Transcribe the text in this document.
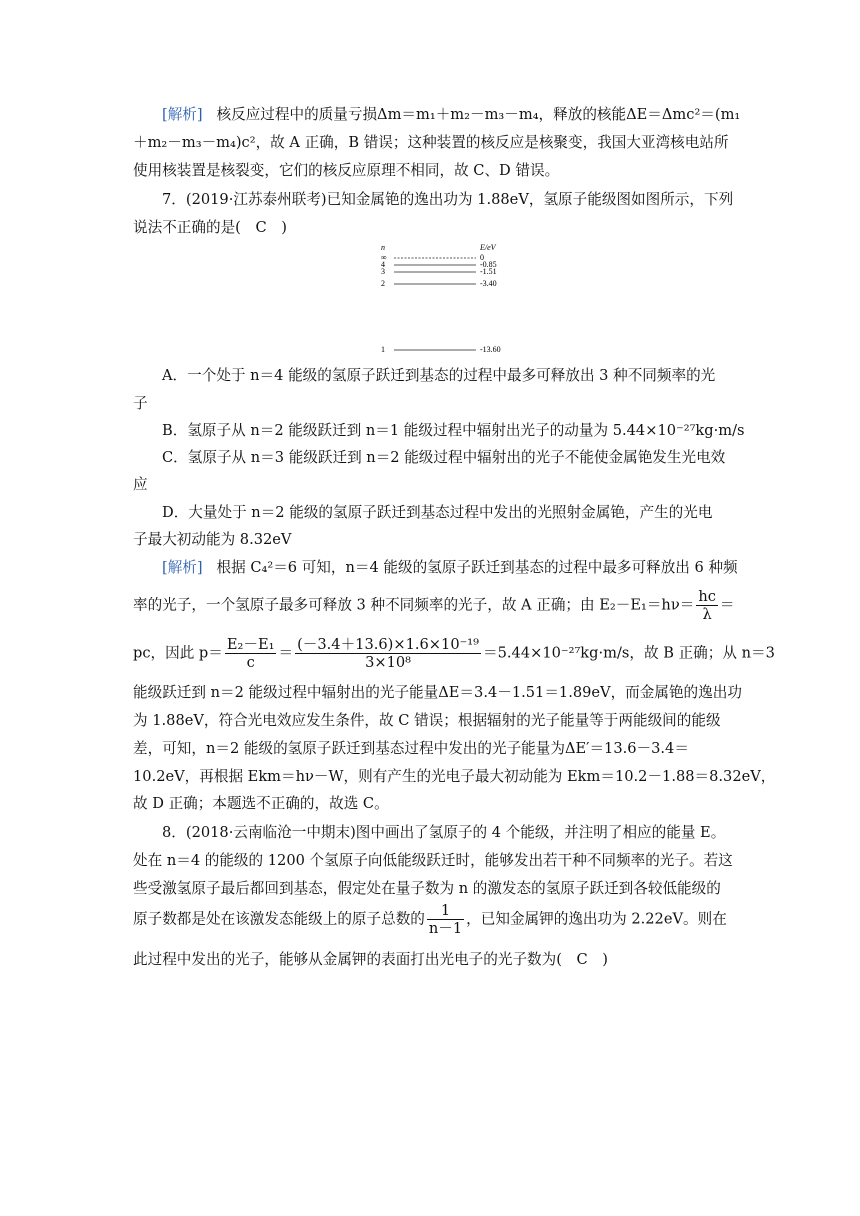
[解析] 核反应过程中的质量亏损Δm＝m₁＋m₂－m₃－m₄，释放的核能ΔE＝Δmc²＝(m₁
＋m₂－m₃－m₄)c²，故 A 正确，B 错误；这种装置的核反应是核聚变，我国大亚湾核电站所
使用核装置是核裂变，它们的核反应原理不相同，故 C、D 错误。
7．(2019·江苏泰州联考)已知金属铯的逸出功为 1.88eV，氢原子能级图如图所示，下列
说法不正确的是(　C　)
n	E/eV
∞	0
4	-0.85
3	-1.51
2	-3.40
1	-13.60
A．一个处于 n＝4 能级的氢原子跃迁到基态的过程中最多可释放出 3 种不同频率的光
子
B．氢原子从 n＝2 能级跃迁到 n＝1 能级过程中辐射出光子的动量为 5.44×10⁻²⁷kg·m/s
C．氢原子从 n＝3 能级跃迁到 n＝2 能级过程中辐射出的光子不能使金属铯发生光电效
应
D．大量处于 n＝2 能级的氢原子跃迁到基态过程中发出的光照射金属铯，产生的光电
子最大初动能为 8.32eV
[解析] 根据 C₄²＝6 可知，n＝4 能级的氢原子跃迁到基态的过程中最多可释放出 6 种频
率的光子，一个氢原子最多可释放 3 种不同频率的光子，故 A 正确；由 $E_2-E_1=h\nu= \frac{hc}{\lambda}$ ＝
pc，因此 $p= \frac{\text{E₂－E₁}}{c} = \frac{\text{(－3.4＋13.6)×1.6×10⁻¹⁹}}{\text{3×10⁸}} =5.44\times 10^{-27}kg\cdot m/s$，故 B 正确；从 n＝3
能级跃迁到 n＝2 能级过程中辐射出的光子能量ΔE＝3.4－1.51＝1.89eV，而金属铯的逸出功
为 1.88eV，符合光电效应发生条件，故 C 错误；根据辐射的光子能量等于两能级间的能级
差，可知，n＝2 能级的氢原子跃迁到基态过程中发出的光子能量为ΔE′＝13.6－3.4＝
10.2eV，再根据 Ekm＝hν－W，则有产生的光电子最大初动能为 Ekm＝10.2－1.88＝8.32eV，
故 D 正确；本题选不正确的，故选 C。
8．(2018·云南临沧一中期末)图中画出了氢原子的 4 个能级，并注明了相应的能量 E。
处在 n＝4 的能级的 1200 个氢原子向低能级跃迁时，能够发出若干种不同频率的光子。若这
些受激氢原子最后都回到基态，假定处在量子数为 n 的激发态的氢原子跃迁到各较低能级的
原子数都是处在该激发态能级上的原子总数的 $\frac{1}{n-1}$ ，已知金属钾的逸出功为 2.22eV。则在
此过程中发出的光子，能够从金属钾的表面打出光电子的光子数为(　C　)
